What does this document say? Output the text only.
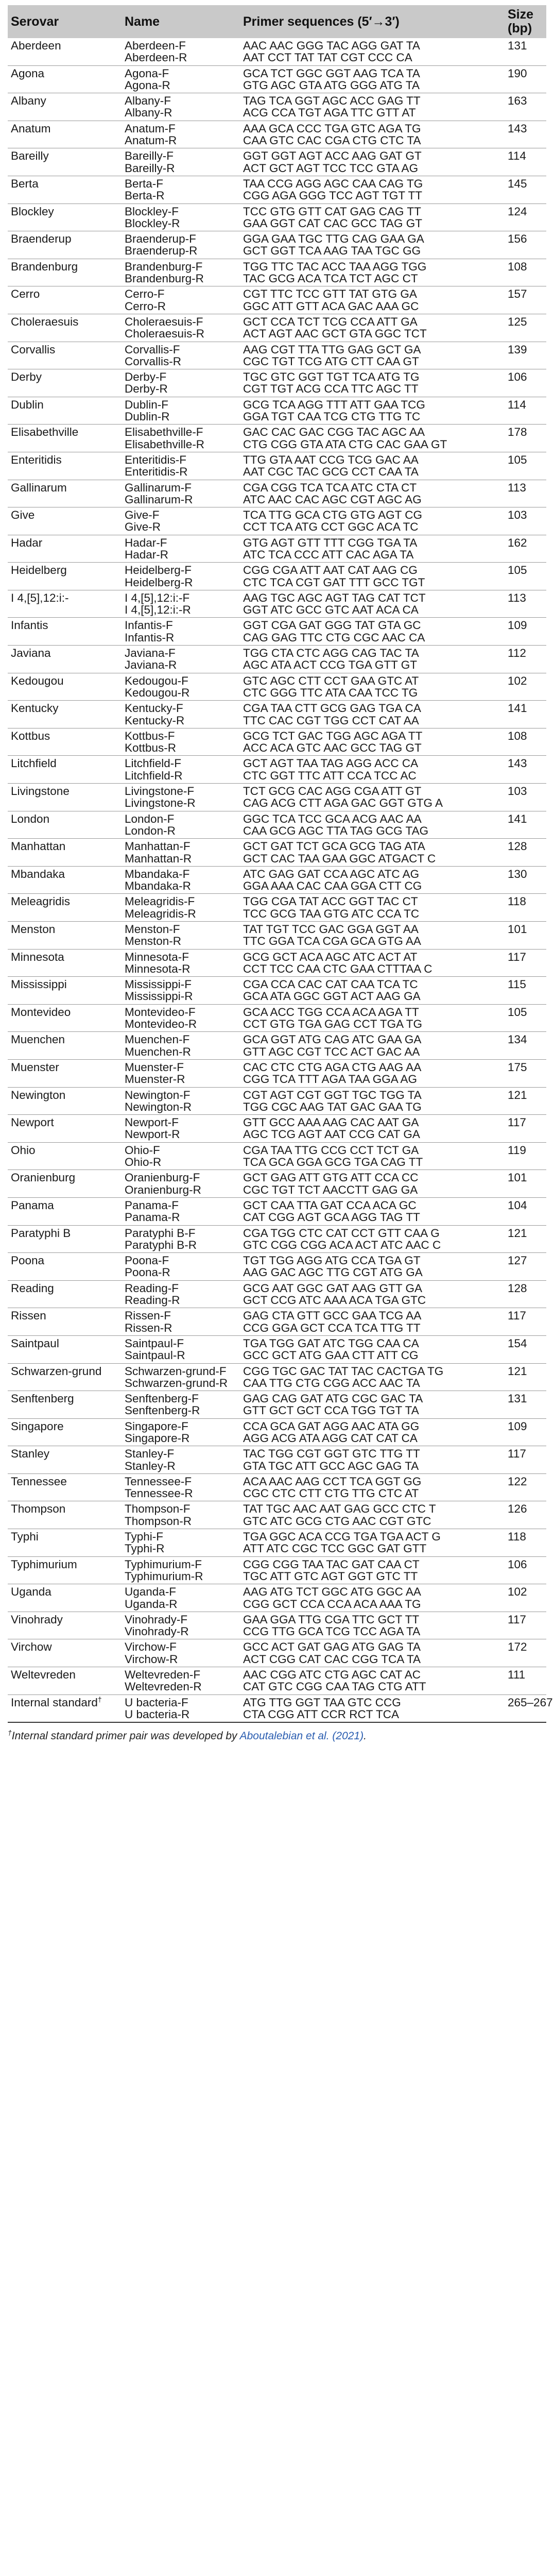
Serovar	Name	Primer sequences (5′→3′)	Size
(bp)
Aberdeen	Aberdeen-F	AAC AAC GGG TAC AGG GAT TA	131
	Aberdeen-R	AAT CCT TAT TAT CGT CCC CA	
Agona	Agona-F	GCA TCT GGC GGT AAG TCA TA	190
	Agona-R	GTG AGC GTA ATG GGG ATG TA	
Albany	Albany-F	TAG TCA GGT AGC ACC GAG TT	163
	Albany-R	ACG CCA TGT AGA TTC GTT AT	
Anatum	Anatum-F	AAA GCA CCC TGA GTC AGA TG	143
	Anatum-R	CAA GTC CAC CGA CTG CTC TA	
Bareilly	Bareilly-F	GGT GGT AGT ACC AAG GAT GT	114
	Bareilly-R	ACT GCT AGT TCC TCC GTA AG	
Berta	Berta-F	TAA CCG AGG AGC CAA CAG TG	145
	Berta-R	CGG AGA GGG TCC AGT TGT TT	
Blockley	Blockley-F	TCC GTG GTT CAT GAG CAG TT	124
	Blockley-R	GAA GGT CAT CAC GCC TAG GT	
Braenderup	Braenderup-F	GGA GAA TGC TTG CAG GAA GA	156
	Braenderup-R	GCT GGT TCA AAG TAA TGC GG	
Brandenburg	Brandenburg-F	TGG TTC TAC ACC TAA AGG TGG	108
	Brandenburg-R	TAC GCG ACA TCA TCT AGC CT	
Cerro	Cerro-F	CGT TTC TCC GTT TAT GTG GA	157
	Cerro-R	GGC ATT GTT ACA GAC AAA GC	
Choleraesuis	Choleraesuis-F	GCT CCA TCT TCG CCA ATT GA	125
	Choleraesuis-R	ACT AGT AAC GCT GTA GGC TCT	
Corvallis	Corvallis-F	AAG CGT TTA TTG GAG GCT GA	139
	Corvallis-R	CGC TGT TCG ATG CTT CAA GT	
Derby	Derby-F	TGC GTC GGT TGT TCA ATG TG	106
	Derby-R	CGT TGT ACG CCA TTC AGC TT	
Dublin	Dublin-F	GCG TCA AGG TTT ATT GAA TCG	114
	Dublin-R	GGA TGT CAA TCG CTG TTG TC	
Elisabethville	Elisabethville-F	GAC CAC GAC CGG TAC AGC AA	178
	Elisabethville-R	CTG CGG GTA ATA CTG CAC GAA GT	
Enteritidis	Enteritidis-F	TTG GTA AAT CCG TCG GAC AA	105
	Enteritidis-R	AAT CGC TAC GCG CCT CAA TA	
Gallinarum	Gallinarum-F	CGA CGG TCA TCA ATC CTA CT	113
	Gallinarum-R	ATC AAC CAC AGC CGT AGC AG	
Give	Give-F	TCA TTG GCA CTG GTG AGT CG	103
	Give-R	CCT TCA ATG CCT GGC ACA TC	
Hadar	Hadar-F	GTG AGT GTT TTT CGG TGA TA	162
	Hadar-R	ATC TCA CCC ATT CAC AGA TA	
Heidelberg	Heidelberg-F	CGG CGA ATT AAT CAT AAG CG	105
	Heidelberg-R	CTC TCA CGT GAT TTT GCC TGT	
I 4,[5],12:i:-	I 4,[5],12:i:-F	AAG TGC AGC AGT TAG CAT TCT	113
	I 4,[5],12:i:-R	GGT ATC GCC GTC AAT ACA CA	
Infantis	Infantis-F	GGT CGA GAT GGG TAT GTA GC	109
	Infantis-R	CAG GAG TTC CTG CGC AAC CA	
Javiana	Javiana-F	TGG CTA CTC AGG CAG TAC TA	112
	Javiana-R	AGC ATA ACT CCG TGA GTT GT	
Kedougou	Kedougou-F	GTC AGC CTT CCT GAA GTC AT	102
	Kedougou-R	CTC GGG TTC ATA CAA TCC TG	
Kentucky	Kentucky-F	CGA TAA CTT GCG GAG TGA CA	141
	Kentucky-R	TTC CAC CGT TGG CCT CAT AA	
Kottbus	Kottbus-F	GCG TCT GAC TGG AGC AGA TT	108
	Kottbus-R	ACC ACA GTC AAC GCC TAG GT	
Litchfield	Litchfield-F	GCT AGT TAA TAG AGG ACC CA	143
	Litchfield-R	CTC GGT TTC ATT CCA TCC AC	
Livingstone	Livingstone-F	TCT GCG CAC AGG CGA ATT GT	103
	Livingstone-R	CAG ACG CTT AGA GAC GGT GTG A	
London	London-F	GGC TCA TCC GCA ACG AAC AA	141
	London-R	CAA GCG AGC TTA TAG GCG TAG	
Manhattan	Manhattan-F	GCT GAT TCT GCA GCG TAG ATA	128
	Manhattan-R	GCT CAC TAA GAA GGC ATGACT C	
Mbandaka	Mbandaka-F	ATC GAG GAT CCA AGC ATC AG	130
	Mbandaka-R	GGA AAA CAC CAA GGA CTT CG	
Meleagridis	Meleagridis-F	TGG CGA TAT ACC GGT TAC CT	118
	Meleagridis-R	TCC GCG TAA GTG ATC CCA TC	
Menston	Menston-F	TAT TGT TCC GAC GGA GGT AA	101
	Menston-R	TTC GGA TCA CGA GCA GTG AA	
Minnesota	Minnesota-F	GCG GCT ACA AGC ATC ACT AT	117
	Minnesota-R	CCT TCC CAA CTC GAA CTTTAA C	
Mississippi	Mississippi-F	CGA CCA CAC CAT CAA TCA TC	115
	Mississippi-R	GCA ATA GGC GGT ACT AAG GA	
Montevideo	Montevideo-F	GCA ACC TGG CCA ACA AGA TT	105
	Montevideo-R	CCT GTG TGA GAG CCT TGA TG	
Muenchen	Muenchen-F	GCA GGT ATG CAG ATC GAA GA	134
	Muenchen-R	GTT AGC CGT TCC ACT GAC AA	
Muenster	Muenster-F	CAC CTC CTG AGA CTG AAG AA	175
	Muenster-R	CGG TCA TTT AGA TAA GGA AG	
Newington	Newington-F	CGT AGT CGT GGT TGC TGG TA	121
	Newington-R	TGG CGC AAG TAT GAC GAA TG	
Newport	Newport-F	GTT GCC AAA AAG CAC AAT GA	117
	Newport-R	AGC TCG AGT AAT CCG CAT GA	
Ohio	Ohio-F	CGA TAA TTG CCG CCT TCT GA	119
	Ohio-R	TCA GCA GGA GCG TGA CAG TT	
Oranienburg	Oranienburg-F	GCT GAG ATT GTG ATT CCA CC	101
	Oranienburg-R	CGC TGT TCT AACCTT GAG GA	
Panama	Panama-F	GCT CAA TTA GAT CCA ACA GC	104
	Panama-R	CAT CGG AGT GCA AGG TAG TT	
Paratyphi B	Paratyphi B-F	CGA TGG CTC CAT CCT GTT CAA G	121
	Paratyphi B-R	GTC CGG CGG ACA ACT ATC AAC C	
Poona	Poona-F	TGT TGG AGG ATG CCA TGA GT	127
	Poona-R	AAG GAC AGC TTG CGT ATG GA	
Reading	Reading-F	GCG AAT GGC GAT AAG GTT GA	128
	Reading-R	GCT CCG ATC AAA ACA TGA GTC	
Rissen	Rissen-F	GAG CTA GTT GCC GAA TCG AA	117
	Rissen-R	CCG GGA GCT CCA TCA TTG TT	
Saintpaul	Saintpaul-F	TGA TGG GAT ATC TGG CAA CA	154
	Saintpaul-R	GCC GCT ATG GAA CTT ATT CG	
Schwarzen-grund	Schwarzen-grund-F	CGG TGC GAC TAT TAC CACTGA TG	121
	Schwarzen-grund-R	CAA TTG CTG CGG ACC AAC TA	
Senftenberg	Senftenberg-F	GAG CAG GAT ATG CGC GAC TA	131
	Senftenberg-R	GTT GCT GCT CCA TGG TGT TA	
Singapore	Singapore-F	CCA GCA GAT AGG AAC ATA GG	109
	Singapore-R	AGG ACG ATA AGG CAT CAT CA	
Stanley	Stanley-F	TAC TGG CGT GGT GTC TTG TT	117
	Stanley-R	GTA TGC ATT GCC AGC GAG TA	
Tennessee	Tennessee-F	ACA AAC AAG CCT TCA GGT GG	122
	Tennessee-R	CGC CTC CTT CTG TTG CTC AT	
Thompson	Thompson-F	TAT TGC AAC AAT GAG GCC CTC T	126
	Thompson-R	GTC ATC GCG CTG AAC CGT GTC	
Typhi	Typhi-F	TGA GGC ACA CCG TGA TGA ACT G	118
	Typhi-R	ATT ATC CGC TCC GGC GAT GTT	
Typhimurium	Typhimurium-F	CGG CGG TAA TAC GAT CAA CT	106
	Typhimurium-R	TGC ATT GTC AGT GGT GTC TT	
Uganda	Uganda-F	AAG ATG TCT GGC ATG GGC AA	102
	Uganda-R	CGG GCT CCA CCA ACA AAA TG	
Vinohrady	Vinohrady-F	GAA GGA TTG CGA TTC GCT TT	117
	Vinohrady-R	CCG TTG GCA TCG TCC AGA TA	
Virchow	Virchow-F	GCC ACT GAT GAG ATG GAG TA	172
	Virchow-R	ACT CGG CAT CAC CGG TCA TA	
Weltevreden	Weltevreden-F	AAC CGG ATC CTG AGC CAT AC	111
	Weltevreden-R	CAT GTC CGG CAA TAG CTG ATT	
Internal standard†	U bacteria-F	ATG TTG GGT TAA GTC CCG	265–267
	U bacteria-R	CTA CGG ATT CCR RCT TCA	
†Internal standard primer pair was developed by Aboutalebian et al. (2021).
